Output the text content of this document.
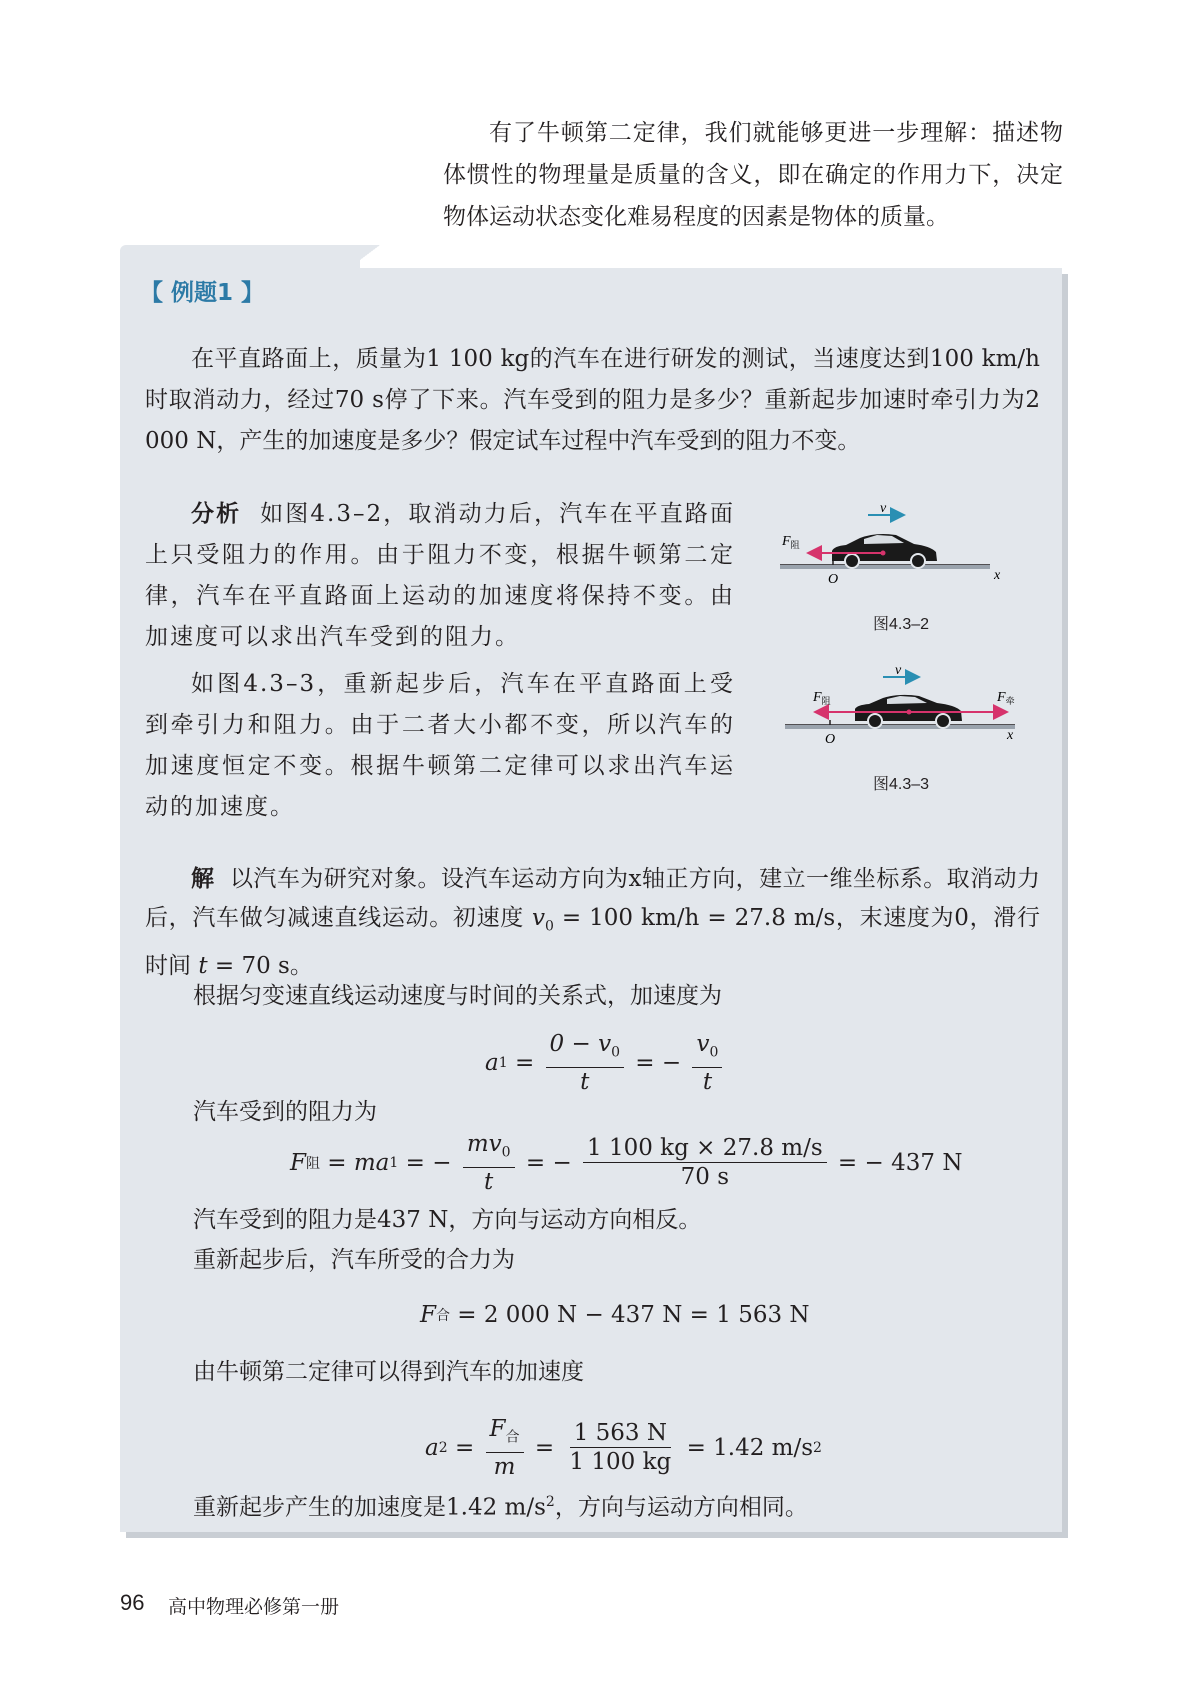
有了牛顿第二定律，我们就能够更进一步理解：描述物体惯性的物理量是质量的含义，即在确定的作用力下，决定物体运动状态变化难易程度的因素是物体的质量。

【 例题1 】

在平直路面上，质量为1 100 kg的汽车在进行研发的测试，当速度达到100 km/h时取消动力，经过70 s停了下来。汽车受到的阻力是多少？重新起步加速时牵引力为2 000 N，产生的加速度是多少？假定试车过程中汽车受到的阻力不变。

分析 如图4.3–2，取消动力后，汽车在平直路面上只受阻力的作用。由于阻力不变，根据牛顿第二定律，汽车在平直路面上运动的加速度将保持不变。由加速度可以求出汽车受到的阻力。

如图4.3–3，重新起步后，汽车在平直路面上受到牵引力和阻力。由于二者大小都不变，所以汽车的加速度恒定不变。根据牛顿第二定律可以求出汽车运动的加速度。

v
$F_阻$
O	x
图4.3–2
v
$F_阻$	$F_牵$
O	x
图4.3–3

解 以汽车为研究对象。设汽车运动方向为x轴正方向，建立一维坐标系。取消动力后，汽车做匀减速直线运动。初速度 $v_0 = 100$ km/h = 27.8 m/s，末速度为0，滑行时间 t = 70 s。

根据匀变速直线运动速度与时间的关系式，加速度为

a $1 = \frac{0 - v_0}{t}$ = − $\frac{v_0}{t}$

汽车受到的阻力为

F 阻 = ma 1 = − $\frac{mv_0}{t}$ = − $\frac{1 100 kg \times 27.8 m/s}{70 s}$ = − 437 N

汽车受到的阻力是437 N，方向与运动方向相反。

重新起步后，汽车所受的合力为

F 合
= 2 000 N − 437 N = 1 563 N

由牛顿第二定律可以得到汽车的加速度

a $2 = \frac{F_合}{m} = \frac{1 563 N}{1 100 kg}$
= 1.42 m/s 2

重新起步产生的加速度是1.42 $m/s^2$，方向与运动方向相同。

96 高中物理必修第一册
